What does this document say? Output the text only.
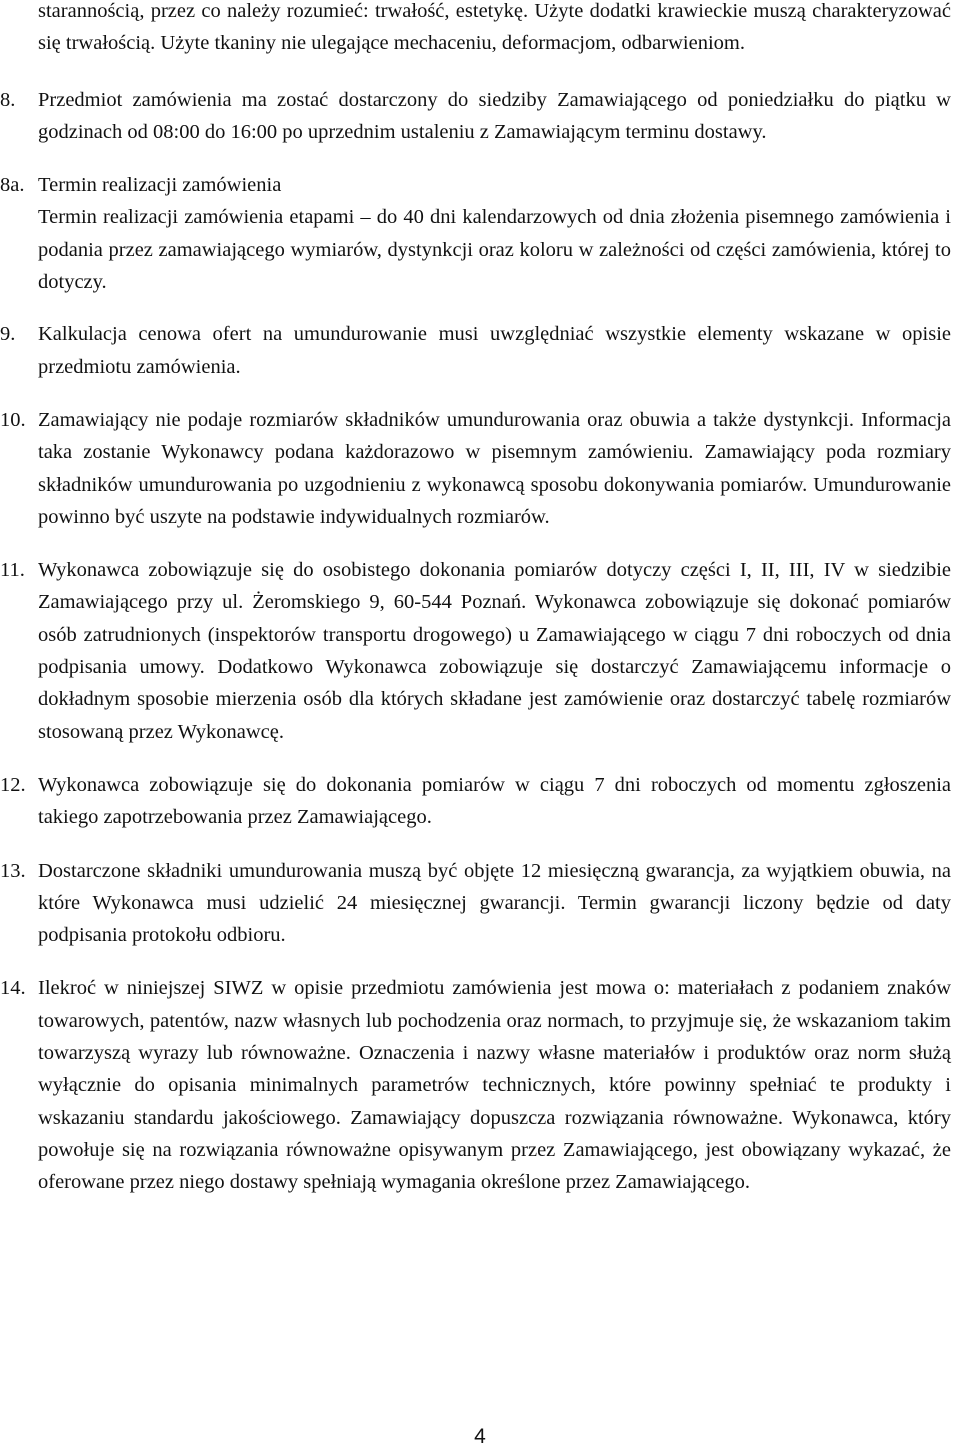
starannością, przez co należy rozumieć: trwałość, estetykę. Użyte dodatki krawieckie muszą charakteryzować się trwałością. Użyte tkaniny nie ulegające mechaceniu, deformacjom, odbarwieniom.

8.	Przedmiot zamówienia ma zostać dostarczony do siedziby Zamawiającego od poniedziałku do piątku w godzinach od 08:00 do 16:00 po uprzednim ustaleniu z Zamawiającym terminu dostawy.

8a. Termin realizacji zamówienia

Termin realizacji zamówienia etapami – do 40 dni kalendarzowych od dnia złożenia pisemnego zamówienia i podania przez zamawiającego wymiarów, dystynkcji oraz koloru w zależności od części zamówienia, której to dotyczy.

9.	Kalkulacja cenowa ofert na umundurowanie musi uwzględniać wszystkie elementy wskazane w opisie przedmiotu zamówienia.

10. Zamawiający nie podaje rozmiarów składników umundurowania oraz obuwia a także dystynkcji. Informacja taka zostanie Wykonawcy podana każdorazowo w pisemnym zamówieniu. Zamawiający poda rozmiary składników umundurowania po uzgodnieniu z wykonawcą sposobu dokonywania pomiarów. Umundurowanie powinno być uszyte na podstawie indywidualnych rozmiarów.

11. Wykonawca zobowiązuje się do osobistego dokonania pomiarów dotyczy części I, II, III, IV w siedzibie Zamawiającego przy ul. Żeromskiego 9, 60-544 Poznań. Wykonawca zobowiązuje się dokonać pomiarów osób zatrudnionych (inspektorów transportu drogowego) u Zamawiającego w ciągu 7 dni roboczych od dnia podpisania umowy. Dodatkowo Wykonawca zobowiązuje się dostarczyć Zamawiającemu informacje o dokładnym sposobie mierzenia osób dla których składane jest zamówienie oraz dostarczyć tabelę rozmiarów stosowaną przez Wykonawcę.

12. Wykonawca zobowiązuje się do dokonania pomiarów w ciągu 7 dni roboczych od momentu zgłoszenia takiego zapotrzebowania przez Zamawiającego.

13. Dostarczone składniki umundurowania muszą być objęte 12 miesięczną gwarancja, za wyjątkiem obuwia, na które Wykonawca musi udzielić 24 miesięcznej gwarancji. Termin gwarancji liczony będzie od daty podpisania protokołu odbioru.

14. Ilekroć w niniejszej SIWZ w opisie przedmiotu zamówienia jest mowa o: materiałach z podaniem znaków towarowych, patentów, nazw własnych lub pochodzenia oraz normach, to przyjmuje się, że wskazaniom takim towarzyszą wyrazy lub równoważne. Oznaczenia i nazwy własne materiałów i produktów oraz norm służą wyłącznie do opisania minimalnych parametrów technicznych, które powinny spełniać te produkty i wskazaniu standardu jakościowego. Zamawiający dopuszcza rozwiązania równoważne. Wykonawca, który powołuje się na rozwiązania równoważne opisywanym przez Zamawiającego, jest obowiązany wykazać, że oferowane przez niego dostawy spełniają wymagania określone przez Zamawiającego.

4
